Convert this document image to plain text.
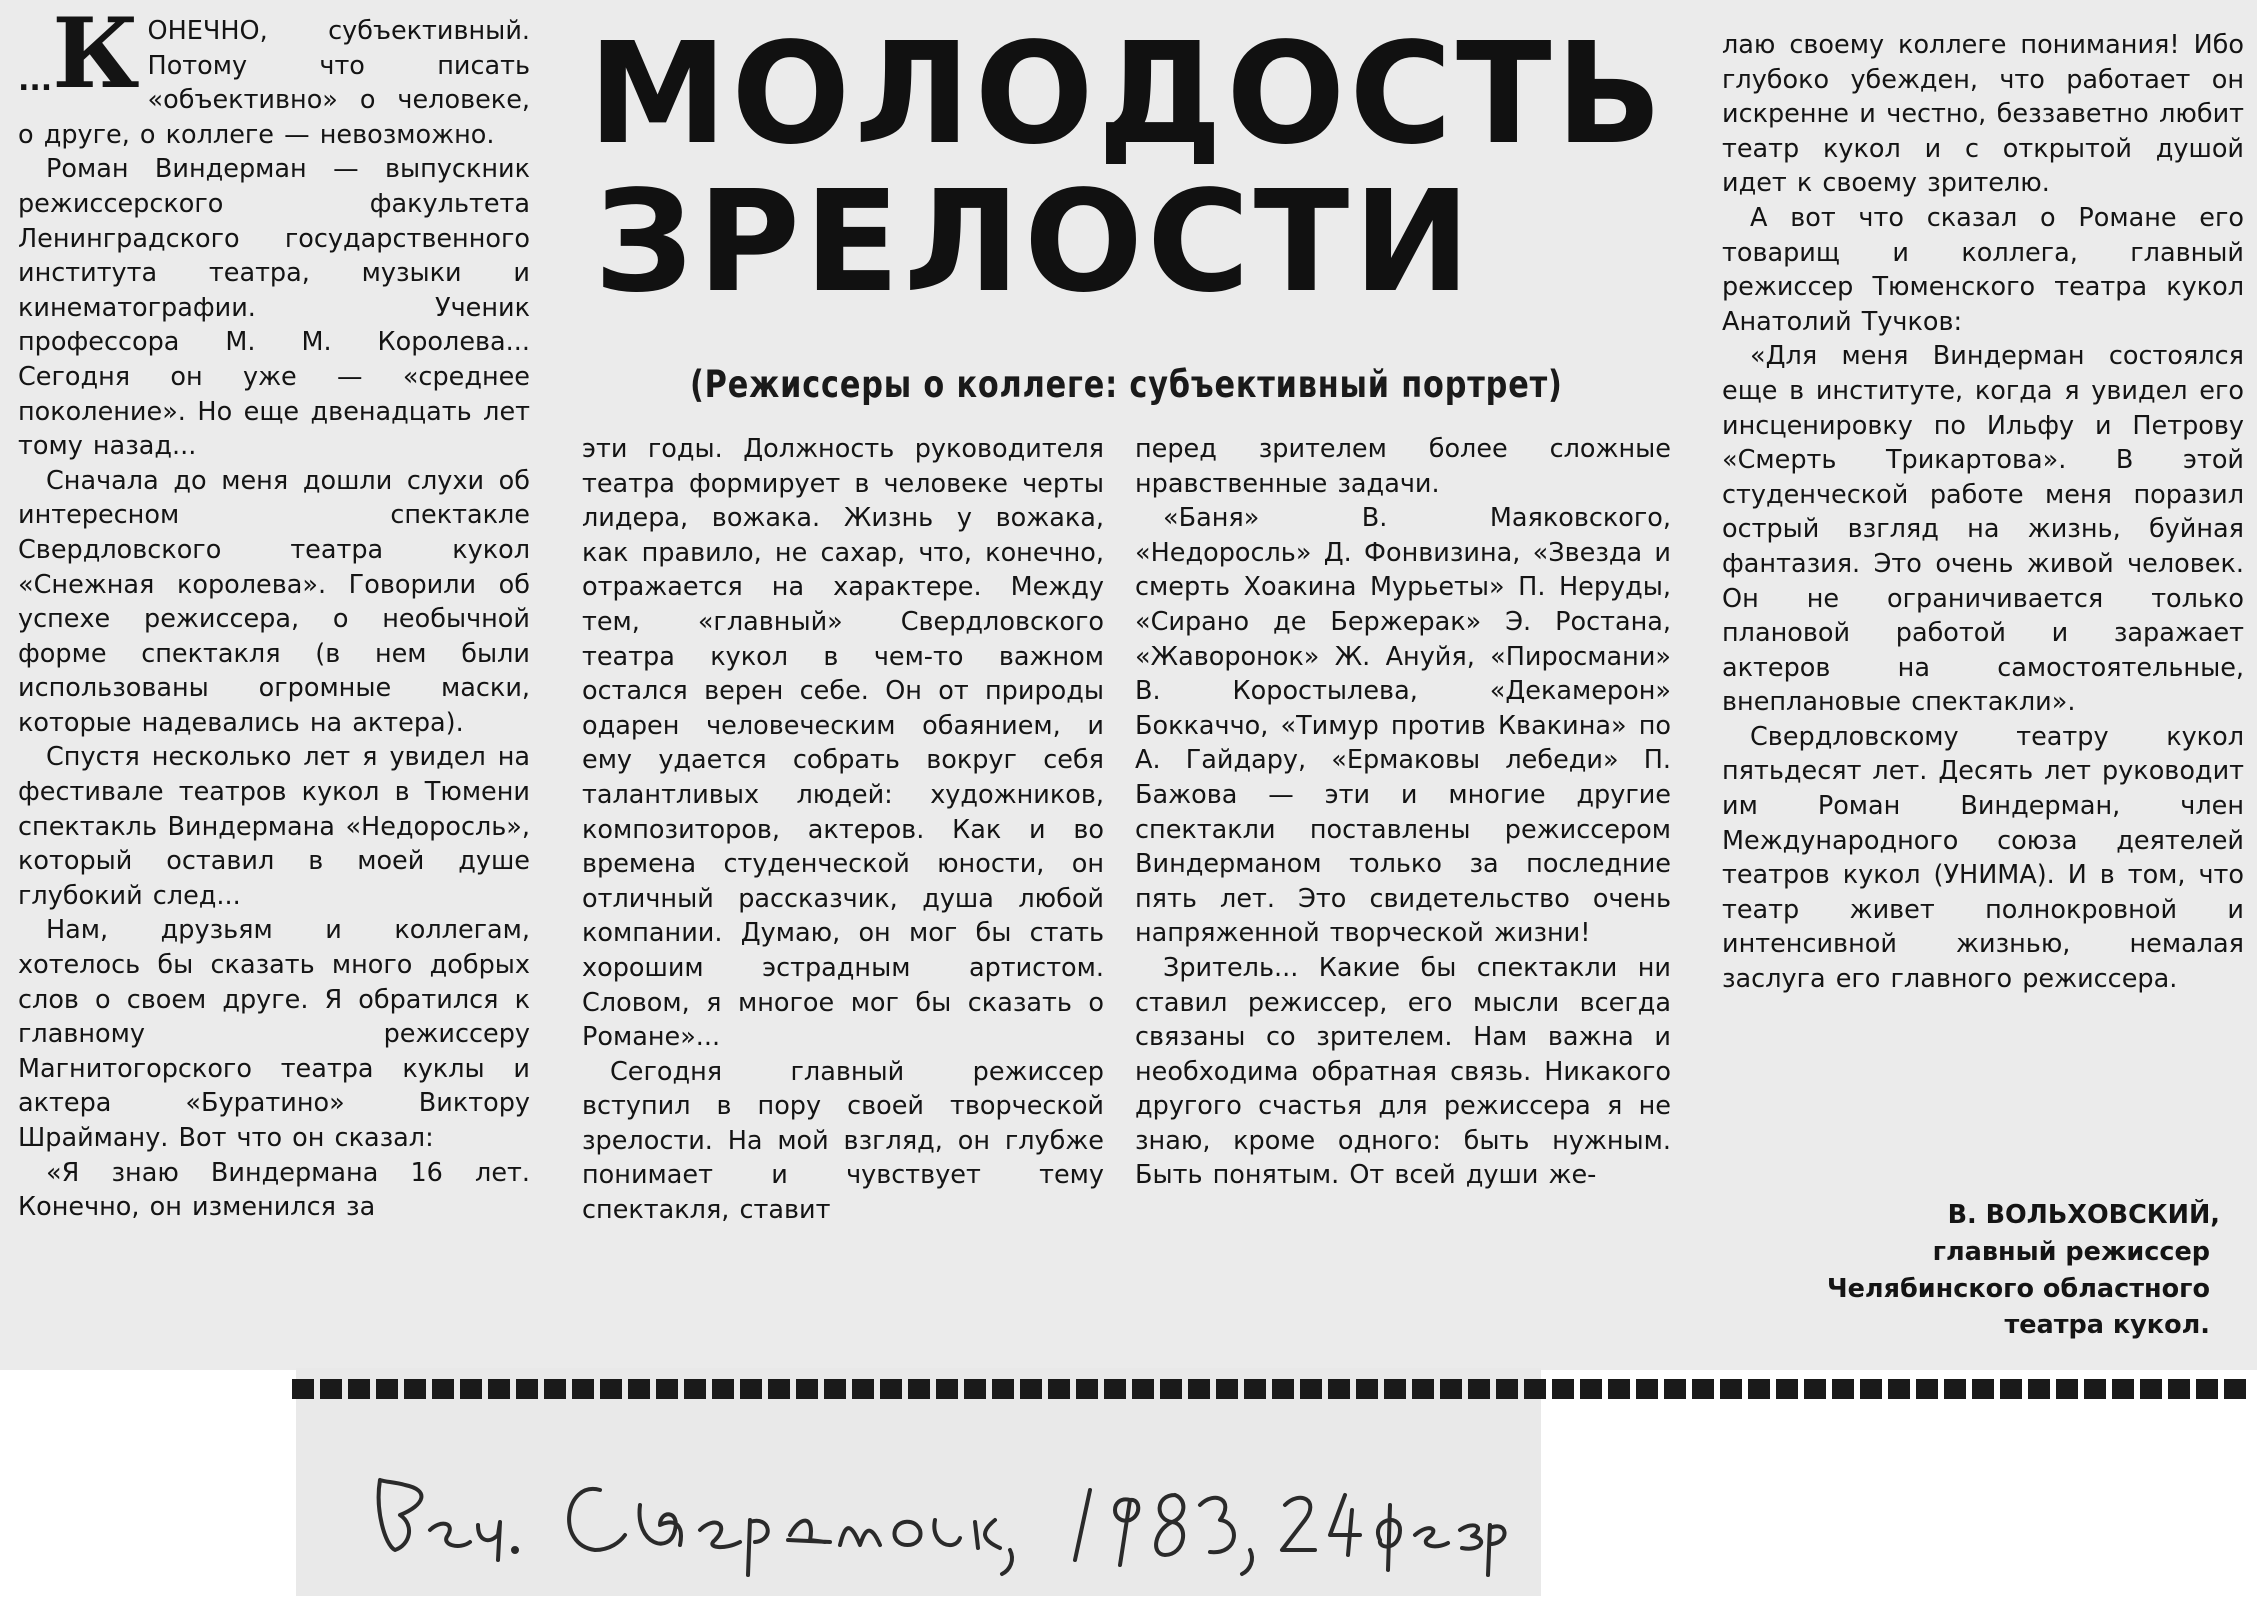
... К ОНЕЧНО, субъективный. Потому что писать «объективно» о человеке, о друге, о коллеге — невозможно.

Роман Виндерман — выпускник режиссерского факультета Ленинградского государственного института театра, музыки и кинематографии. Ученик профессора М. М. Королева... Сегодня он уже — «среднее поколение». Но еще двенадцать лет тому назад...

Сначала до меня дошли слухи об интересном спектакле Свердловского театра кукол «Снежная королева». Говорили об успехе режиссера, о необычной форме спектакля (в нем были использованы огромные маски, которые надевались на актера).

Спустя несколько лет я увидел на фестивале театров кукол в Тюмени спектакль Виндермана «Недоросль», который оставил в моей душе глубокий след...

Нам, друзьям и коллегам, хотелось бы сказать много добрых слов о своем друге. Я обратился к главному режиссеру Магнитогорского театра куклы и актера «Буратино» Виктору Шрайману. Вот что он сказал:

«Я знаю Виндермана 16 лет. Конечно, он изменился за

МОЛОДОСТЬ
ЗРЕЛОСТИ
(Режиссеры о коллеге: субъективный портрет)

эти годы. Должность руководителя театра формирует в человеке черты лидера, вожака. Жизнь у вожака, как правило, не сахар, что, конечно, отражается на характере. Между тем, «главный» Свердловского театра кукол в чем-то важном остался верен себе. Он от природы одарен человеческим обаянием, и ему удается собрать вокруг себя талантливых людей: художников, композиторов, актеров. Как и во времена студенческой юности, он отличный рассказчик, душа любой компании. Думаю, он мог бы стать хорошим эстрадным артистом. Словом, я многое мог бы сказать о Романе»...

Сегодня главный режиссер вступил в пору своей творческой зрелости. На мой взгляд, он глубже понимает и чувствует тему спектакля, ставит

перед зрителем более сложные нравственные задачи.

«Баня» В. Маяковского, «Недоросль» Д. Фонвизина, «Звезда и смерть Хоакина Мурьеты» П. Неруды, «Сирано де Бержерак» Э. Ростана, «Жаворонок» Ж. Ануйя, «Пиросмани» В. Коростылева, «Декамерон» Боккаччо, «Тимур против Квакина» по А. Гайдару, «Ермаковы лебеди» П. Бажова — эти и многие другие спектакли поставлены режиссером Виндерманом только за последние пять лет. Это свидетельство очень напряженной творческой жизни!

Зритель... Какие бы спектакли ни ставил режиссер, его мысли всегда связаны со зрителем. Нам важна и необходима обратная связь. Никакого другого счастья для режиссера я не знаю, кроме одного: быть нужным. Быть понятым. От всей души же-

лаю своему коллеге понимания! Ибо глубоко убежден, что работает он искренне и честно, беззаветно любит театр кукол и с открытой душой идет к своему зрителю.

А вот что сказал о Романе его товарищ и коллега, главный режиссер Тюменского театра кукол Анатолий Тучков:

«Для меня Виндерман состоялся еще в институте, когда я увидел его инсценировку по Ильфу и Петрову «Смерть Трикартова». В этой студенческой работе меня поразил острый взгляд на жизнь, буйная фантазия. Это очень живой человек. Он не ограничивается только плановой работой и заражает актеров на самостоятельные, внеплановые спектакли».

Свердловскому театру кукол пятьдесят лет. Десять лет руководит им Роман Виндерман, член Международного союза деятелей театров кукол (УНИМА). И в том, что театр живет полнокровной и интенсивной жизнью, немалая заслуга его главного режиссера.

В. ВОЛЬХОВСКИЙ,
главный режиссер
Челябинского областного
театра кукол.
